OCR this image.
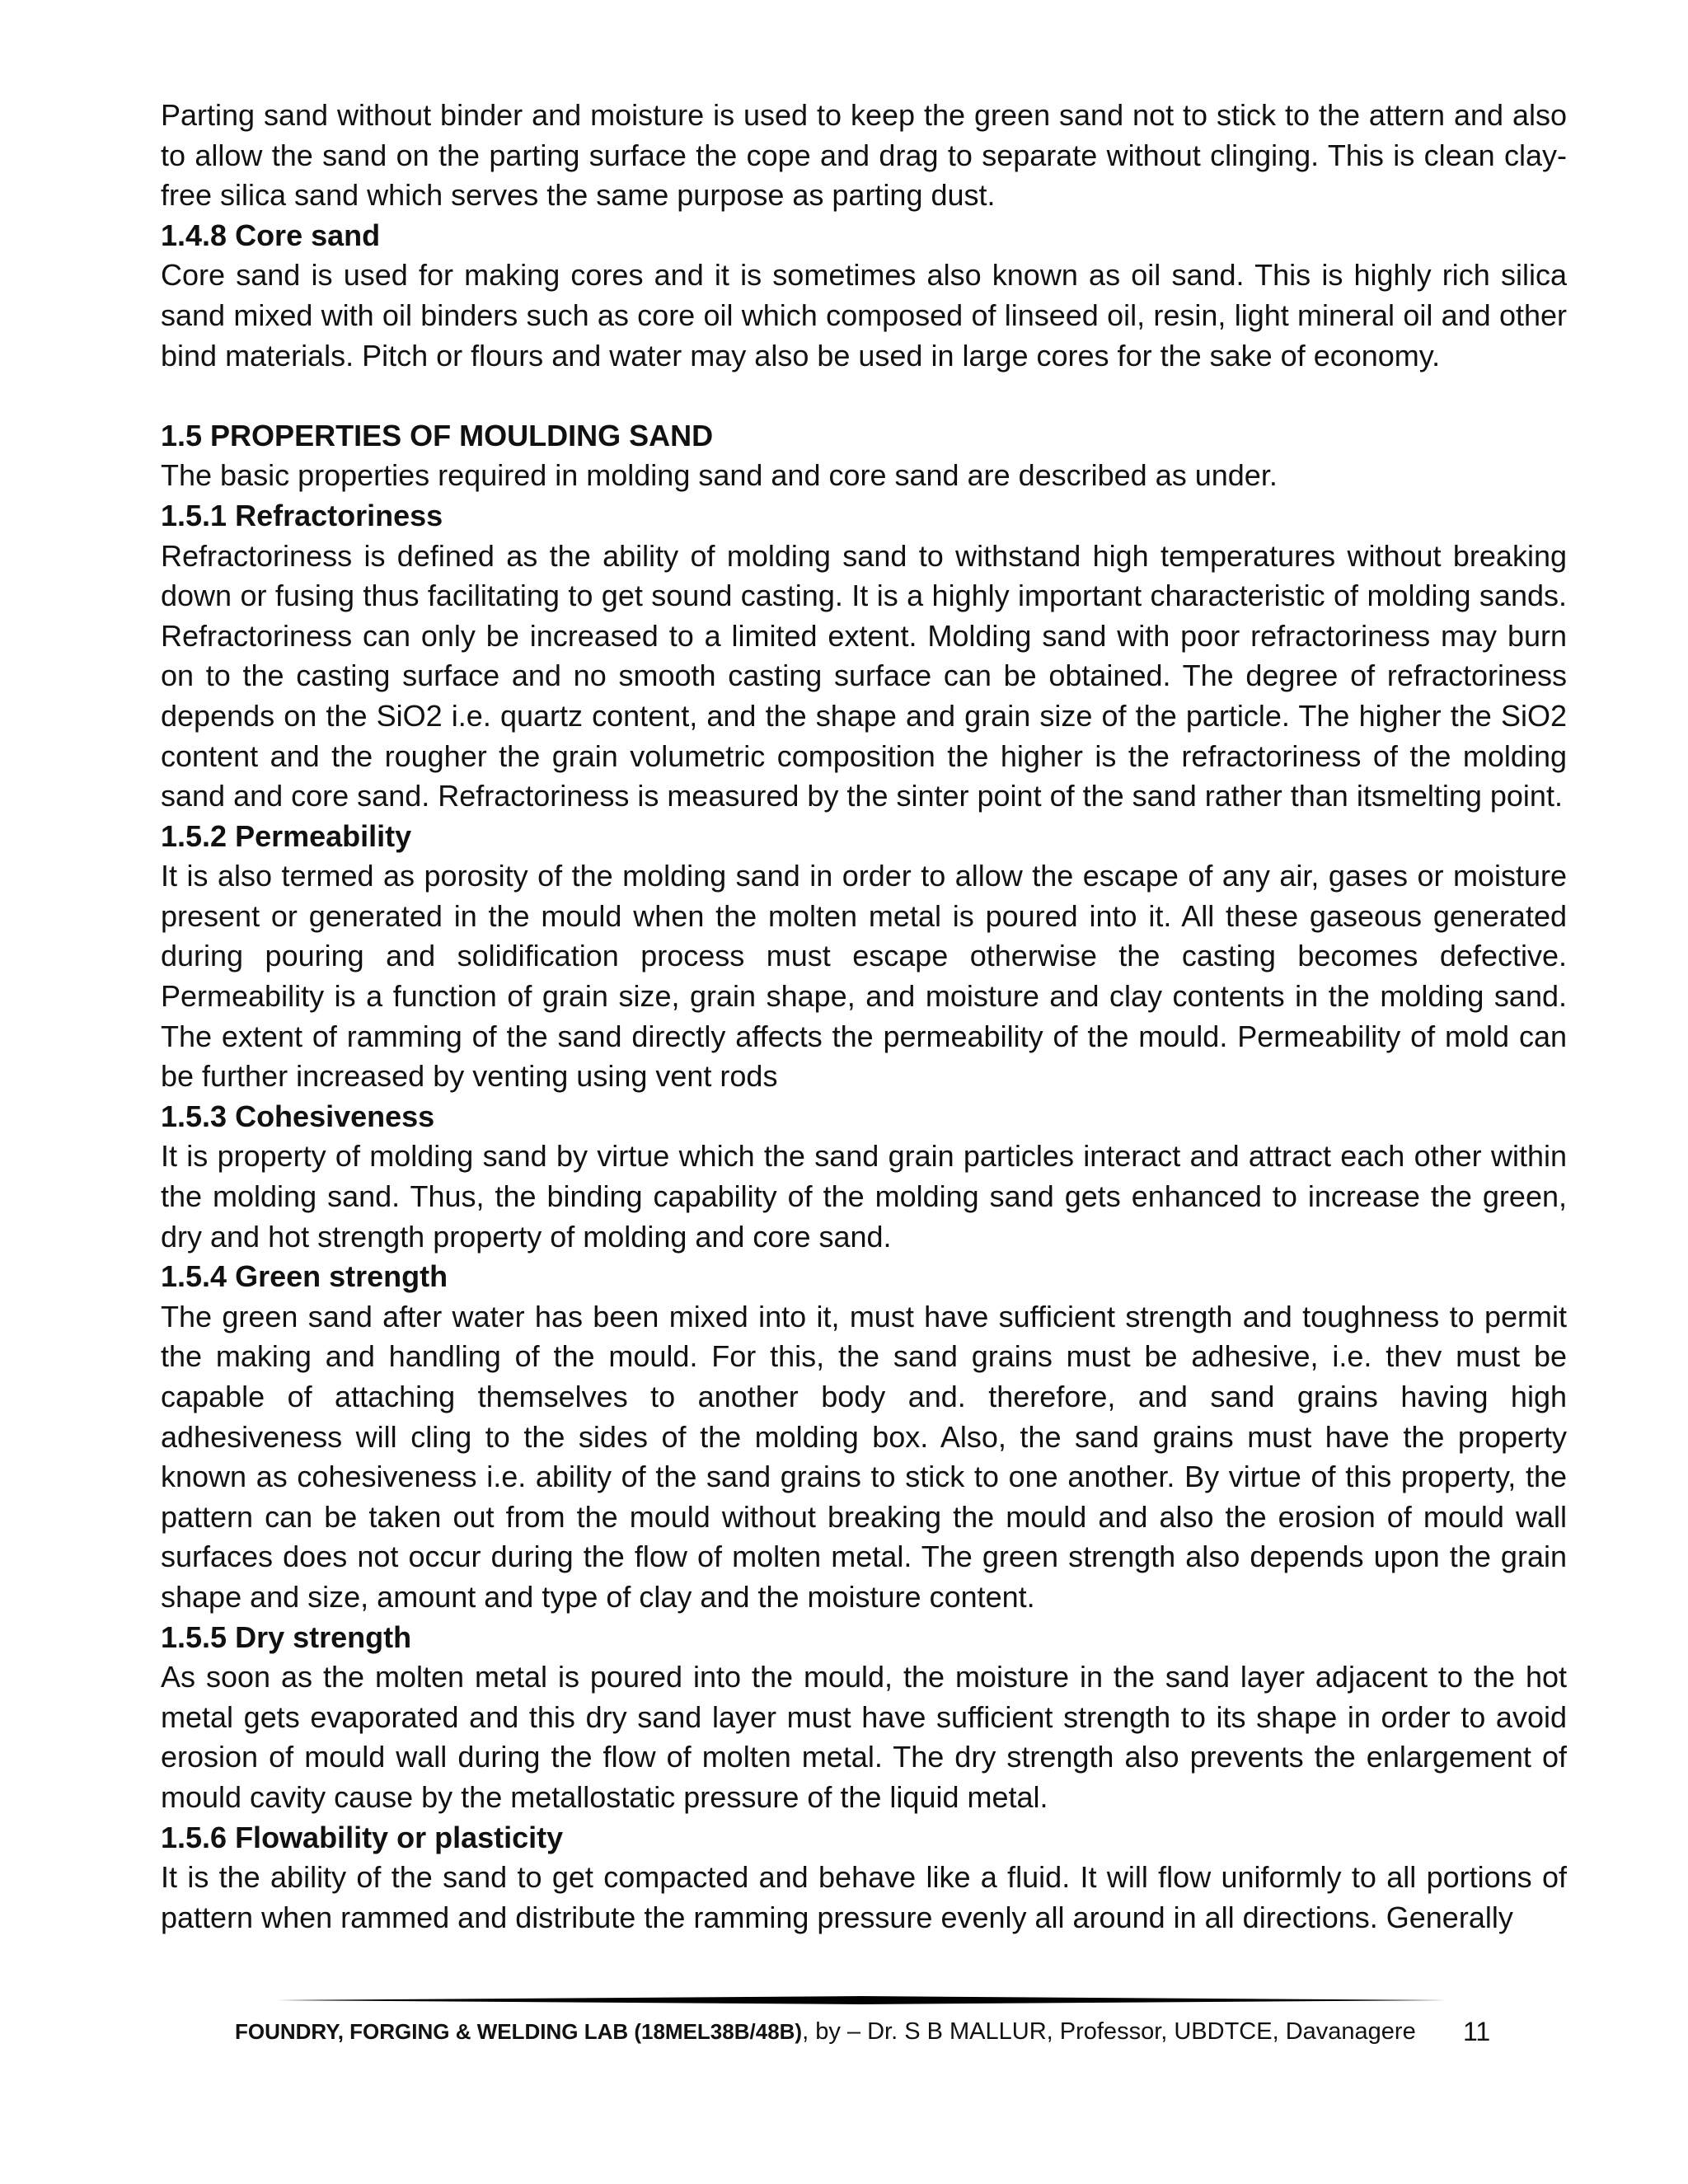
Parting sand without binder and moisture is used to keep the green sand not to stick to the attern and also to allow the sand on the parting surface the cope and drag to separate without clinging. This is clean clay-free silica sand which serves the same purpose as parting dust.

1.4.8 Core sand

Core sand is used for making cores and it is sometimes also known as oil sand. This is highly rich silica sand mixed with oil binders such as core oil which composed of linseed oil, resin, light mineral oil and other bind materials. Pitch or flours and water may also be used in large cores for the sake of economy.

1.5 PROPERTIES OF MOULDING SAND

The basic properties required in molding sand and core sand are described as under.

1.5.1 Refractoriness

Refractoriness is defined as the ability of molding sand to withstand high temperatures without breaking down or fusing thus facilitating to get sound casting. It is a highly important characteristic of molding sands. Refractoriness can only be increased to a limited extent. Molding sand with poor refractoriness may burn on to the casting surface and no smooth casting surface can be obtained. The degree of refractoriness depends on the SiO2 i.e. quartz content, and the shape and grain size of the particle. The higher the SiO2 content and the rougher the grain volumetric composition the higher is the refractoriness of the molding sand and core sand. Refractoriness is measured by the sinter point of the sand rather than itsmelting point.

1.5.2 Permeability

It is also termed as porosity of the molding sand in order to allow the escape of any air, gases or moisture present or generated in the mould when the molten metal is poured into it. All these gaseous generated during pouring and solidification process must escape otherwise the casting becomes defective. Permeability is a function of grain size, grain shape, and moisture and clay contents in the molding sand. The extent of ramming of the sand directly affects the permeability of the mould. Permeability of mold can be further increased by venting using vent rods

1.5.3 Cohesiveness

It is property of molding sand by virtue which the sand grain particles interact and attract each other within the molding sand. Thus, the binding capability of the molding sand gets enhanced to increase the green, dry and hot strength property of molding and core sand.

1.5.4 Green strength

The green sand after water has been mixed into it, must have sufficient strength and toughness to permit the making and handling of the mould. For this, the sand grains must be adhesive, i.e. thev must be capable of attaching themselves to another body and. therefore, and sand grains having high adhesiveness will cling to the sides of the molding box. Also, the sand grains must have the property known as cohesiveness i.e. ability of the sand grains to stick to one another. By virtue of this property, the pattern can be taken out from the mould without breaking the mould and also the erosion of mould wall surfaces does not occur during the flow of molten metal. The green strength also depends upon the grain shape and size, amount and type of clay and the moisture content.

1.5.5 Dry strength

As soon as the molten metal is poured into the mould, the moisture in the sand layer adjacent to the hot metal gets evaporated and this dry sand layer must have sufficient strength to its shape in order to avoid erosion of mould wall during the flow of molten metal. The dry strength also prevents the enlargement of mould cavity cause by the metallostatic pressure of the liquid metal.

1.5.6 Flowability or plasticity

It is the ability of the sand to get compacted and behave like a fluid. It will flow uniformly to all portions of pattern when rammed and distribute the ramming pressure evenly all around in all directions. Generally

FOUNDRY, FORGING & WELDING LAB (18MEL38B/48B), by – Dr. S B MALLUR, Professor, UBDTCE, Davanagere	11
